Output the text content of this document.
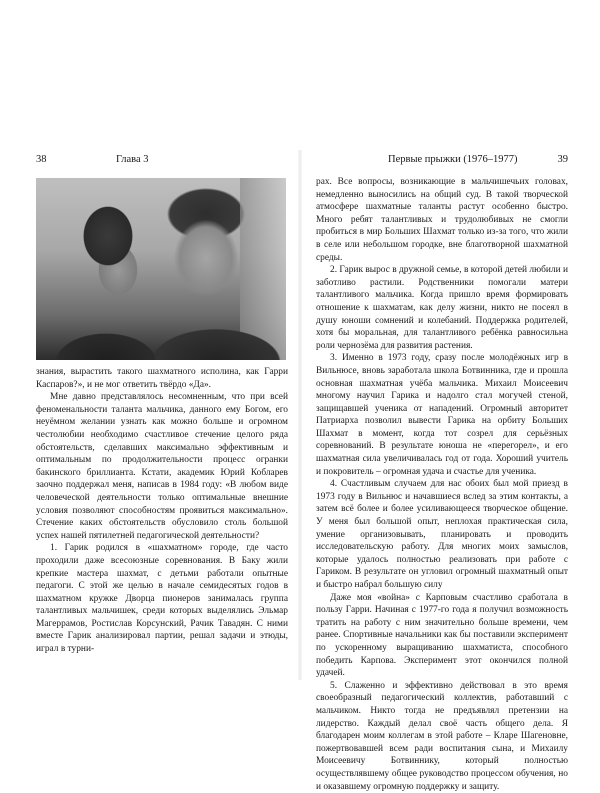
38	Глава 3

знания, вырастить такого шахматного исполина, как Гарри Каспаров?», и не мог ответить твёрдо «Да».

Мне давно представлялось несомненным, что при всей феноменальности таланта мальчика, данного ему Богом, его неуёмном желании узнать как можно больше и огромном честолюбии необходимо счастливое стечение целого ряда обстоятельств, сделавших максимально эффективным и оптимальным по продолжительности процесс огранки бакинского бриллианта. Кстати, академик Юрий Кобларев заочно поддержал меня, написав в 1984 году: «В любом виде человеческой деятельности только оптимальные внешние условия позволяют способностям проявиться максимально». Стечение каких обстоятельств обусловило столь большой успех нашей пятилетней педагогической деятельности?

1. Гарик родился в «шахматном» городе, где часто проходили даже всесоюзные соревнования. В Баку жили крепкие мастера шахмат, с детьми работали опытные педагоги. С этой же целью в начале семидесятых годов в шахматном кружке Дворца пионеров занималась группа талантливых мальчишек, среди которых выделялись Эльмар Магеррамов, Ростислав Корсунский, Рачик Тавадян. С ними вместе Гарик анализировал партии, решал задачи и этюды, играл в турни-

Первые прыжки (1976–1977)	39

рах. Все вопросы, возникающие в мальчишечьих головах, немедленно выносились на общий суд. В такой творческой атмосфере шахматные таланты растут особенно быстро. Много ребят талантливых и трудолюбивых не смогли пробиться в мир Больших Шахмат только из-за того, что жили в селе или небольшом городке, вне благотворной шахматной среды.

2. Гарик вырос в дружной семье, в которой детей любили и заботливо растили. Родственники помогали матери талантливого мальчика. Когда пришло время формировать отношение к шахматам, как делу жизни, никто не посеял в душу юноши сомнений и колебаний. Поддержка родителей, хотя бы моральная, для талантливого ребёнка равносильна роли чернозёма для развития растения.

3. Именно в 1973 году, сразу после молодёжных игр в Вильнюсе, вновь заработала школа Ботвинника, где и прошла основная шахматная учёба мальчика. Михаил Моисеевич многому научил Гарика и надолго стал могучей стеной, защищавшей ученика от нападений. Огромный авторитет Патриарха позволил вывести Гарика на орбиту Больших Шахмат в момент, когда тот созрел для серьёзных соревнований. В результате юноша не «перегорел», и его шахматная сила увеличивалась год от года. Хороший учитель и покровитель – огромная удача и счастье для ученика.

4. Счастливым случаем для нас обоих был мой приезд в 1973 году в Вильнюс и начавшиеся вслед за этим контакты, а затем всё более и более усиливающееся творческое общение. У меня был большой опыт, неплохая практическая сила, умение организовывать, планировать и проводить исследовательскую работу. Для многих моих замыслов, которые удалось полностью реализовать при работе с Гариком. В результате он угловил огромный шахматный опыт и быстро набрал большую силу

Даже моя «война» с Карповым счастливо сработала в пользу Гарри. Начиная с 1977-го года я получил возможность тратить на работу с ним значительно больше времени, чем ранее. Спортивные начальники как бы поставили эксперимент по ускоренному выращиванию шахматиста, способного победить Карпова. Эксперимент этот окончился полной удачей.

5. Слаженно и эффективно действовал в это время своеобразный педагогический коллектив, работавший с мальчиком. Никто тогда не предъявлял претензии на лидерство. Каждый делал своё часть общего дела. Я благодарен моим коллегам в этой работе – Кларе Шагеновне, пожертвовавшей всем ради воспитания сына, и Михаилу Моисеевичу Ботвиннику, который полностью осуществлявшему общее руководство процессом обучения, но и оказавшему огромную поддержку и защиту.
